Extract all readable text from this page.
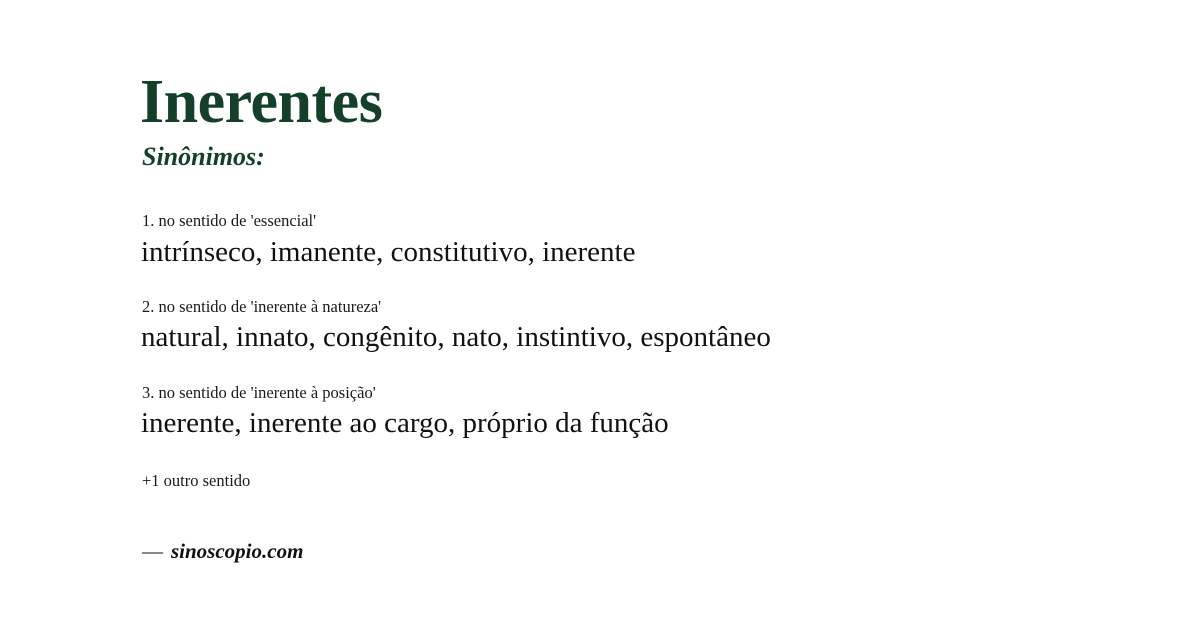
Inerentes
Sinônimos:
1. no sentido de 'essencial'
intrínseco, imanente, constitutivo, inerente
2. no sentido de 'inerente à natureza'
natural, innato, congênito, nato, instintivo, espontâneo
3. no sentido de 'inerente à posição'
inerente, inerente ao cargo, próprio da função
+1 outro sentido
— sinoscopio.com
